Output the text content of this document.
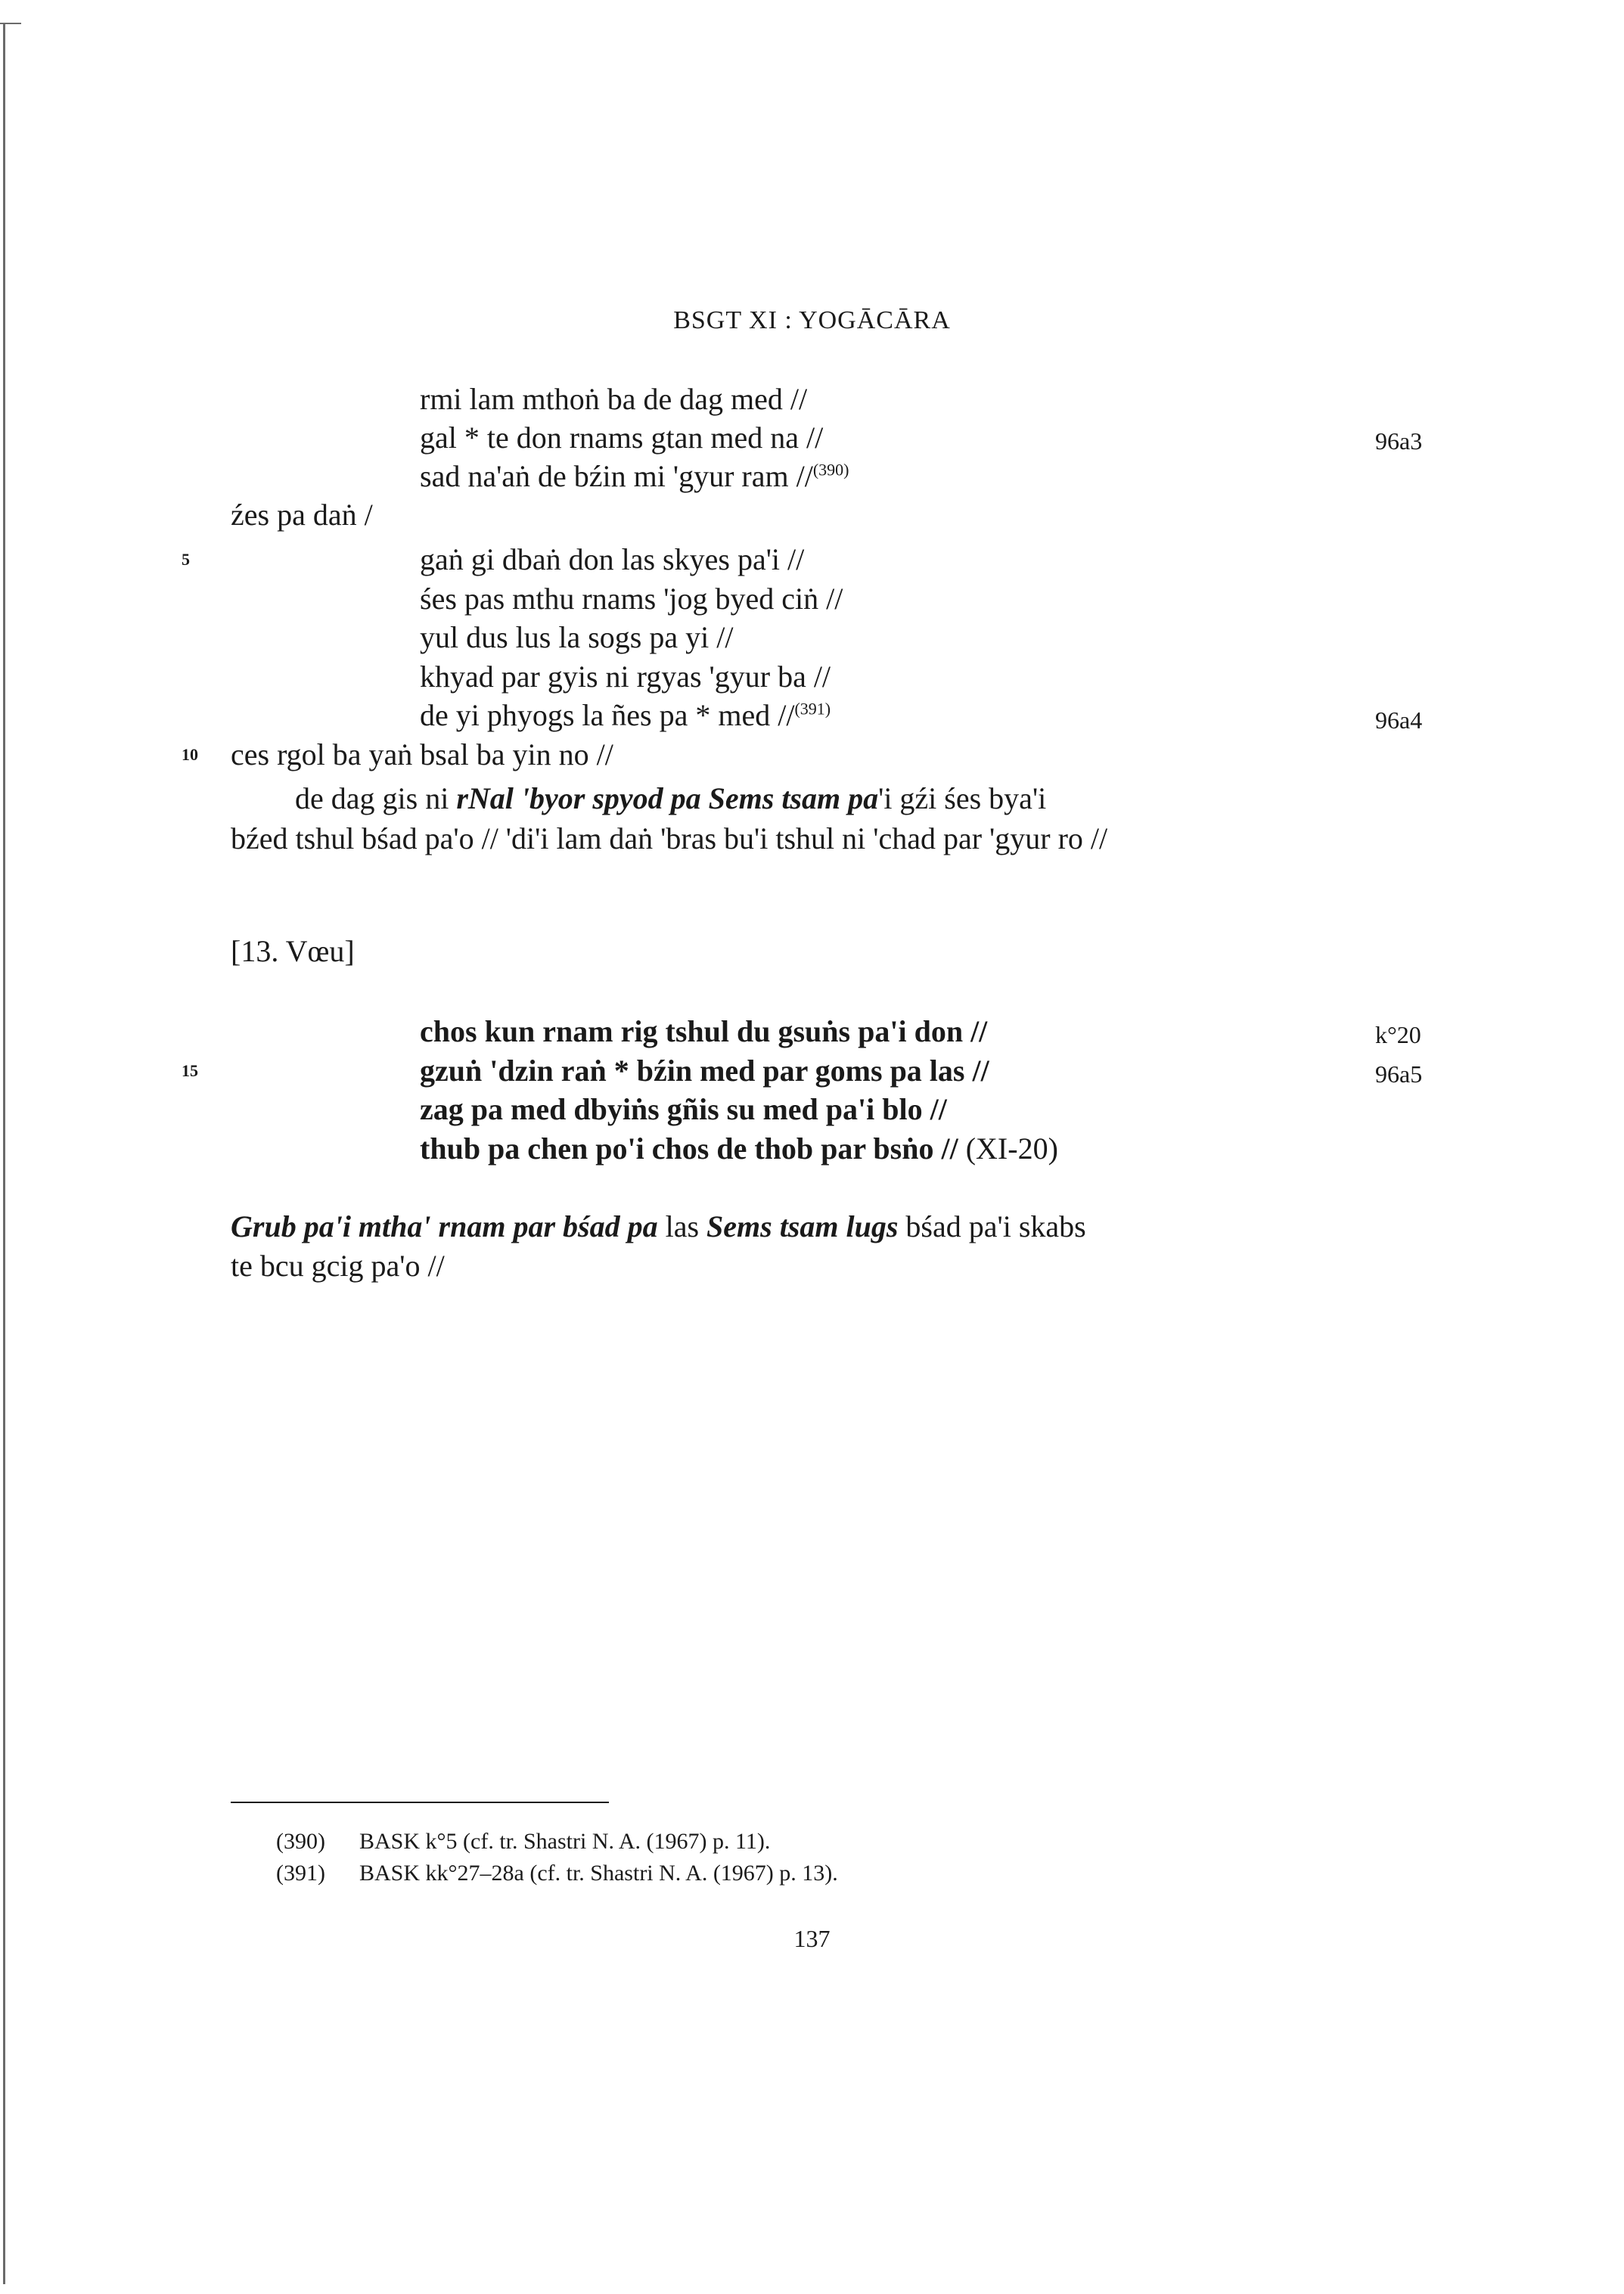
BSGT XI : YOGĀCĀRA
rmi lam mthoṅ ba de dag med //
gal * te don rnams gtan med na //
sad na'aṅ de bźin mi 'gyur ram //$^{(390)}$
źes pa daṅ /
gaṅ gi dbaṅ don las skyes pa'i //
śes pas mthu rnams 'jog byed ciṅ //
yul dus lus la sogs pa yi //
khyad par gyis ni rgyas 'gyur ba //
de yi phyogs la ñes pa * med //$^{(391)}$
ces rgol ba yaṅ bsal ba yin no //
de dag gis ni rNal 'byor spyod pa Sems tsam pa'i gźi śes bya'i
bźed tshul bśad pa'o // 'di'i lam daṅ 'bras bu'i tshul ni 'chad par 'gyur ro //
[13. Vœu]
chos kun rnam rig tshul du gsuṅs pa'i don //
gzuṅ 'dzin raṅ * bźin med par goms pa las //
zag pa med dbyiṅs gñis su med pa'i blo //
thub pa chen po'i chos de thob par bsṅo // (XI-20)
Grub pa'i mtha' rnam par bśad pa las Sems tsam lugs bśad pa'i skabs
te bcu gcig pa'o //
5
10
15
96a3
96a4
k°20
96a5
(390) BASK k°5 (cf. tr. Shastri N. A. (1967) p. 11).
(391) BASK kk°27–28a (cf. tr. Shastri N. A. (1967) p. 13).
137
